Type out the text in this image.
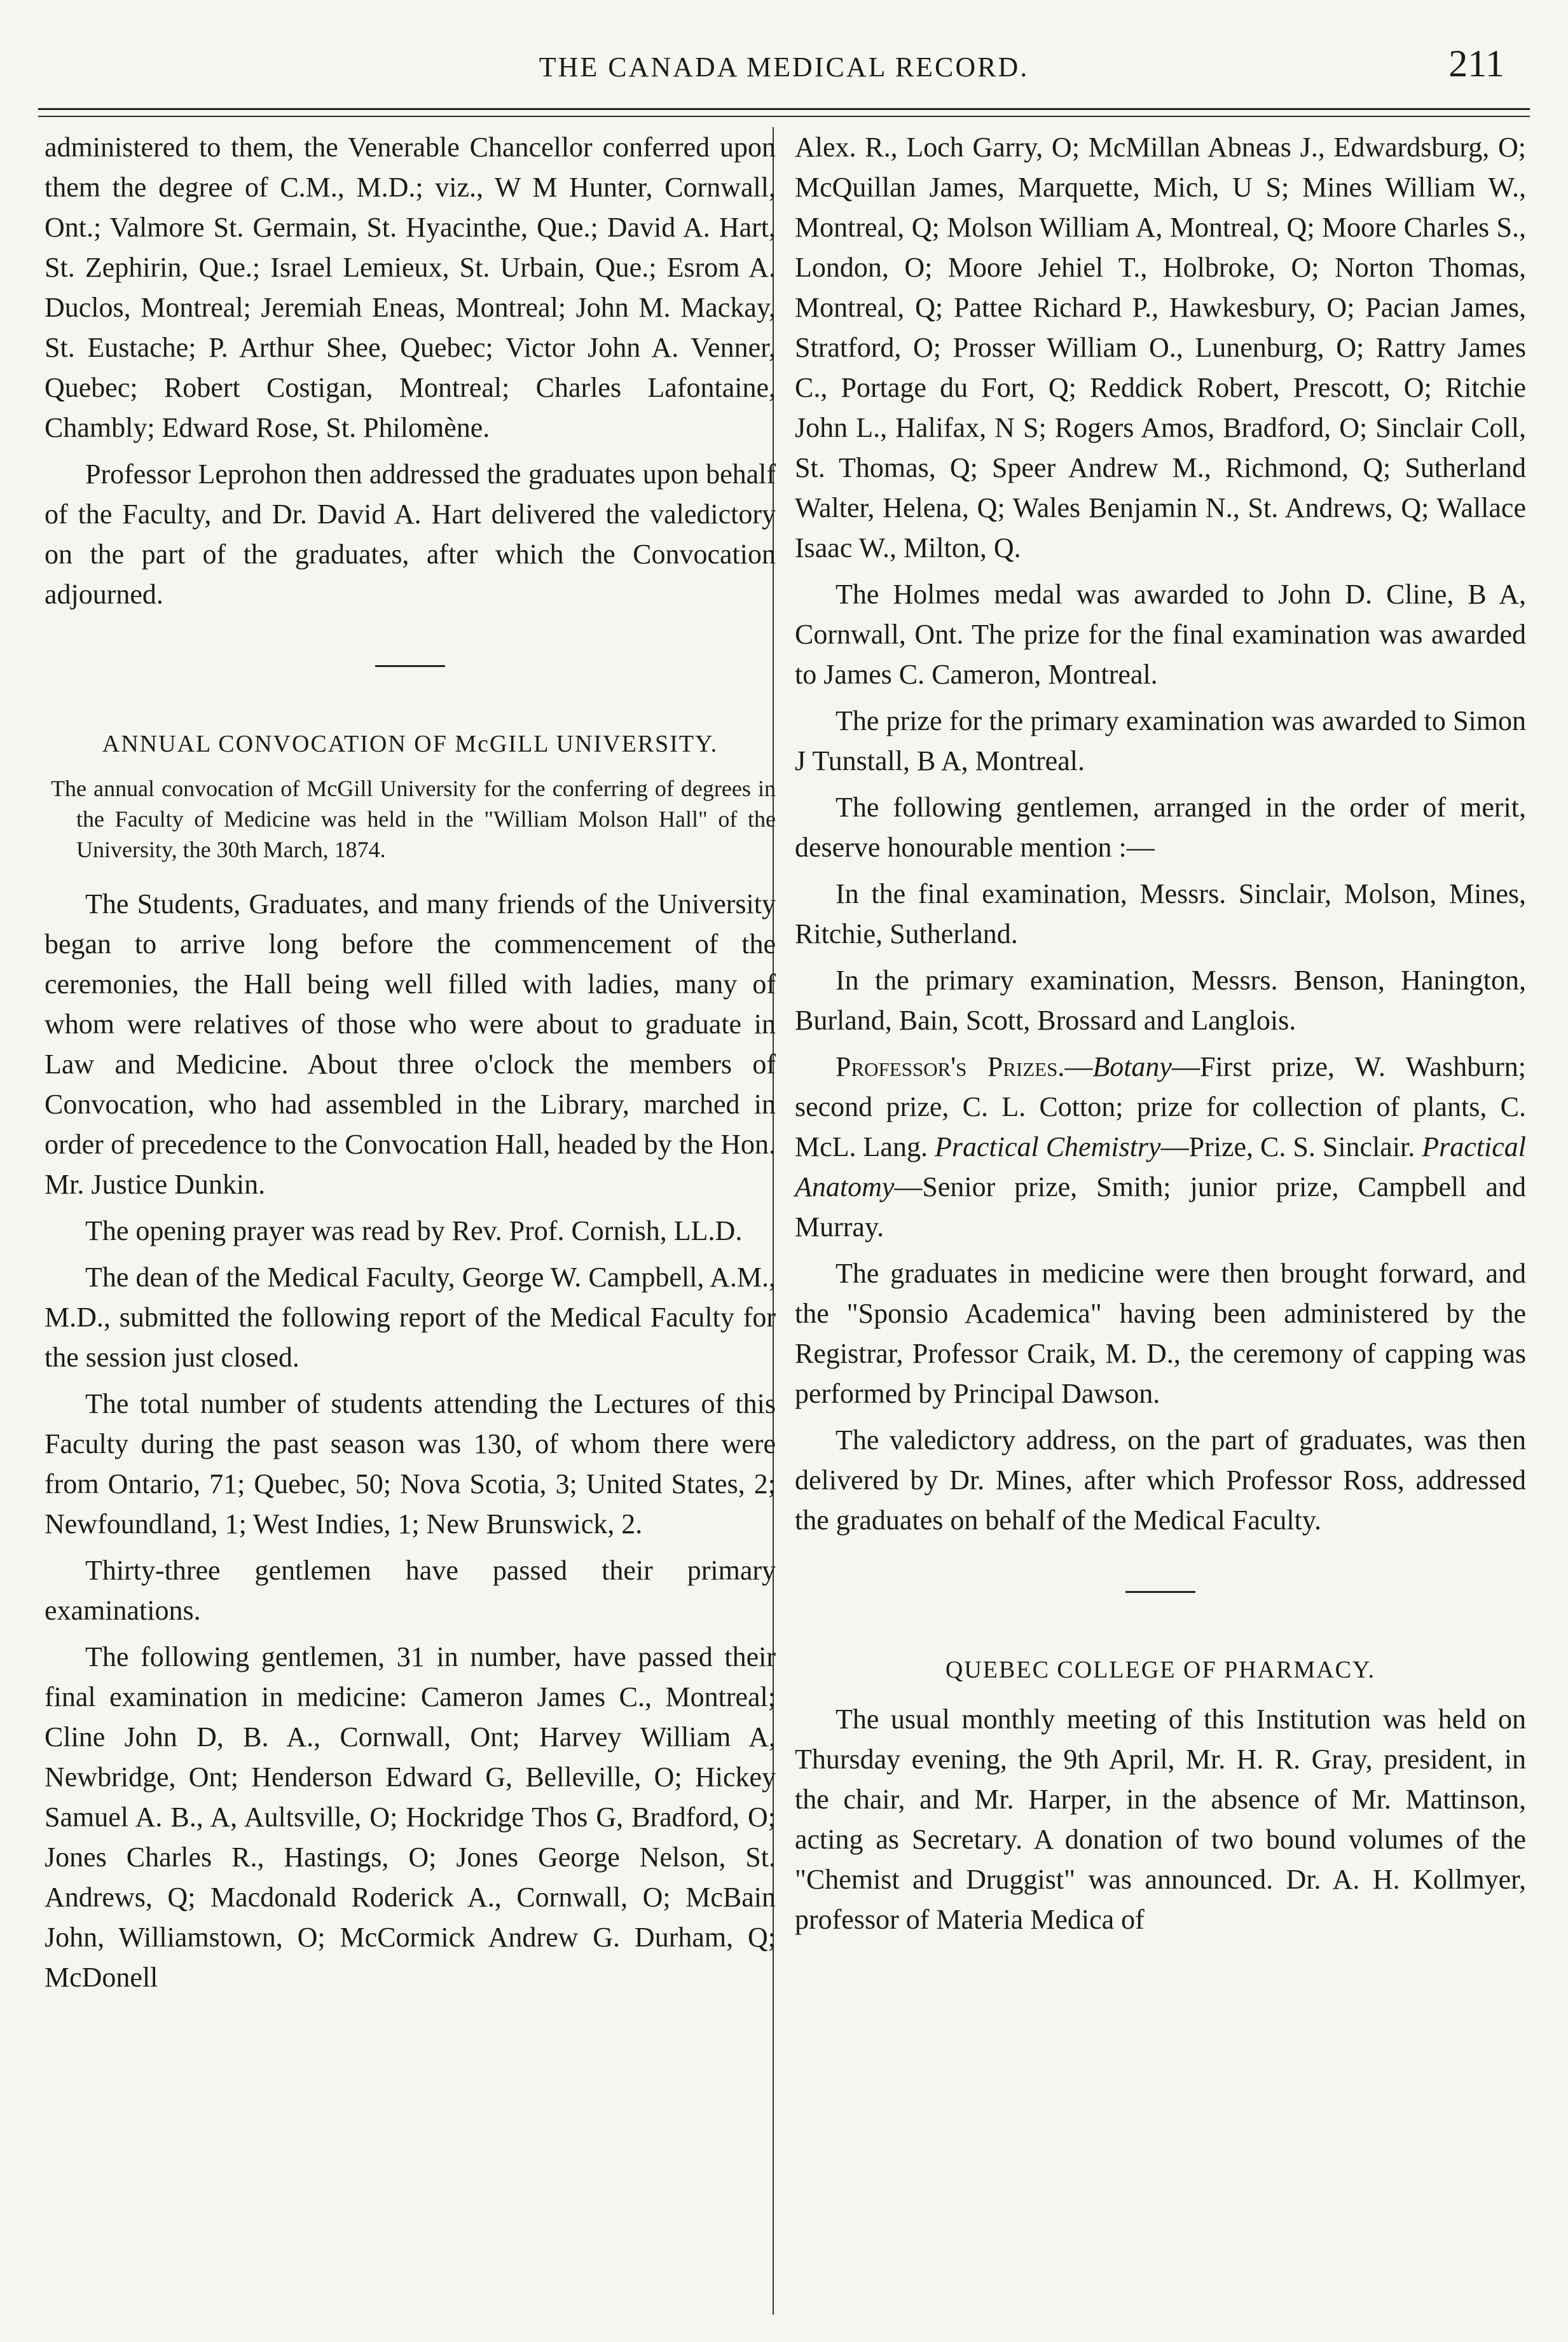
THE CANADA MEDICAL RECORD.	211

administered to them, the Venerable Chancellor conferred upon them the degree of C.M., M.D.; viz., W M Hunter, Cornwall, Ont.; Valmore St. Germain, St. Hyacinthe, Que.; David A. Hart, St. Zephirin, Que.; Israel Lemieux, St. Urbain, Que.; Esrom A. Duclos, Montreal; Jeremiah Eneas, Montreal; John M. Mackay, St. Eustache; P. Arthur Shee, Quebec; Victor John A. Venner, Quebec; Robert Costigan, Montreal; Charles Lafontaine, Chambly; Edward Rose, St. Philomène.

Professor Leprohon then addressed the graduates upon behalf of the Faculty, and Dr. David A. Hart delivered the valedictory on the part of the graduates, after which the Convocation adjourned.

ANNUAL CONVOCATION OF McGILL UNIVERSITY.
The annual convocation of McGill University for the conferring of degrees in the Faculty of Medicine was held in the "William Molson Hall" of the University, the 30th March, 1874.

The Students, Graduates, and many friends of the University began to arrive long before the commencement of the ceremonies, the Hall being well filled with ladies, many of whom were relatives of those who were about to graduate in Law and Medicine. About three o'clock the members of Convocation, who had assembled in the Library, marched in order of precedence to the Convocation Hall, headed by the Hon. Mr. Justice Dunkin.

The opening prayer was read by Rev. Prof. Cornish, LL.D.

The dean of the Medical Faculty, George W. Campbell, A.M., M.D., submitted the following report of the Medical Faculty for the session just closed.

The total number of students attending the Lectures of this Faculty during the past season was 130, of whom there were from Ontario, 71; Quebec, 50; Nova Scotia, 3; United States, 2; Newfoundland, 1; West Indies, 1; New Brunswick, 2.

Thirty-three gentlemen have passed their primary examinations.

The following gentlemen, 31 in number, have passed their final examination in medicine: Cameron James C., Montreal; Cline John D, B. A., Cornwall, Ont; Harvey William A, Newbridge, Ont; Henderson Edward G, Belleville, O; Hickey Samuel A. B., A, Aultsville, O; Hockridge Thos G, Bradford, O; Jones Charles R., Hastings, O; Jones George Nelson, St. Andrews, Q; Macdonald Roderick A., Cornwall, O; McBain John, Williamstown, O; McCormick Andrew G. Durham, Q; McDonell

Alex. R., Loch Garry, O; McMillan Abneas J., Edwardsburg, O; McQuillan James, Marquette, Mich, U S; Mines William W., Montreal, Q; Molson William A, Montreal, Q; Moore Charles S., London, O; Moore Jehiel T., Holbroke, O; Norton Thomas, Montreal, Q; Pattee Richard P., Hawkesbury, O; Pacian James, Stratford, O; Prosser William O., Lunenburg, O; Rattry James C., Portage du Fort, Q; Reddick Robert, Prescott, O; Ritchie John L., Halifax, N S; Rogers Amos, Bradford, O; Sinclair Coll, St. Thomas, Q; Speer Andrew M., Richmond, Q; Sutherland Walter, Helena, Q; Wales Benjamin N., St. Andrews, Q; Wallace Isaac W., Milton, Q.

The Holmes medal was awarded to John D. Cline, B A, Cornwall, Ont. The prize for the final examination was awarded to James C. Cameron, Montreal.

The prize for the primary examination was awarded to Simon J Tunstall, B A, Montreal.

The following gentlemen, arranged in the order of merit, deserve honourable mention :—

In the final examination, Messrs. Sinclair, Molson, Mines, Ritchie, Sutherland.

In the primary examination, Messrs. Benson, Hanington, Burland, Bain, Scott, Brossard and Langlois.

Professor's Prizes.—Botany—First prize, W. Washburn; second prize, C. L. Cotton; prize for collection of plants, C. McL. Lang. Practical Chemistry—Prize, C. S. Sinclair. Practical Anatomy—Senior prize, Smith; junior prize, Campbell and Murray.

The graduates in medicine were then brought forward, and the "Sponsio Academica" having been administered by the Registrar, Professor Craik, M. D., the ceremony of capping was performed by Principal Dawson.

The valedictory address, on the part of graduates, was then delivered by Dr. Mines, after which Professor Ross, addressed the graduates on behalf of the Medical Faculty.

QUEBEC COLLEGE OF PHARMACY.

The usual monthly meeting of this Institution was held on Thursday evening, the 9th April, Mr. H. R. Gray, president, in the chair, and Mr. Harper, in the absence of Mr. Mattinson, acting as Secretary. A donation of two bound volumes of the "Chemist and Druggist" was announced. Dr. A. H. Kollmyer, professor of Materia Medica of
